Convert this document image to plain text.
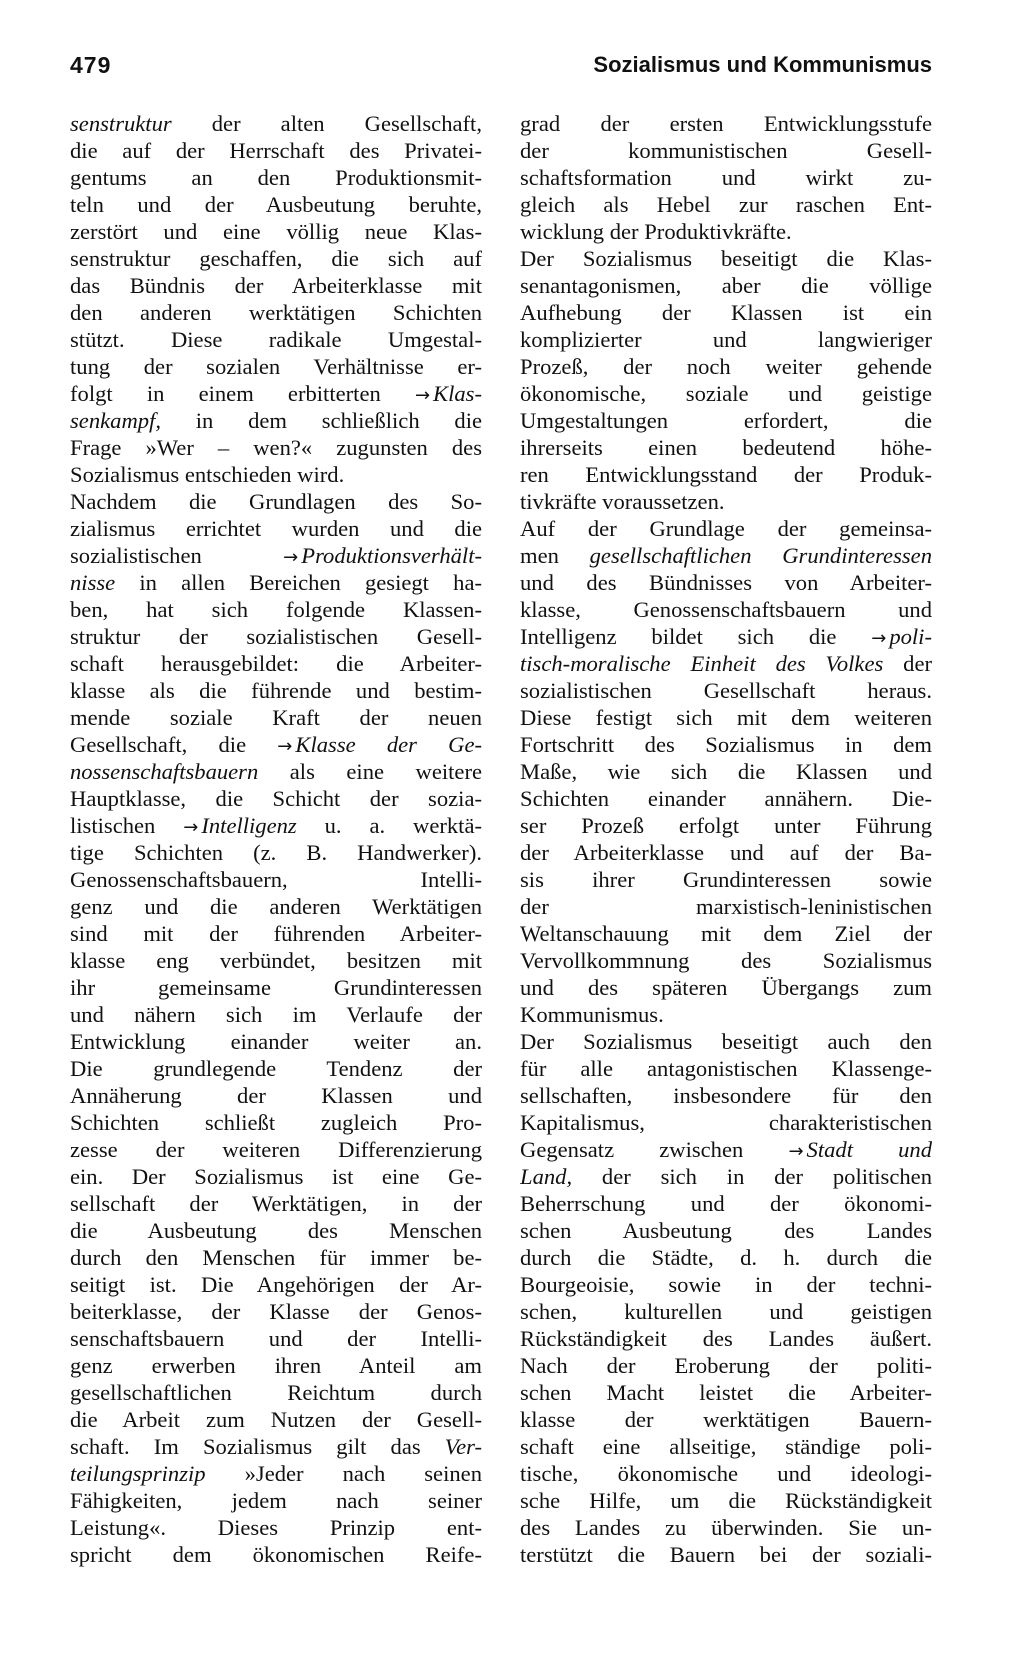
479	Sozialismus und Kommunismus
senstruktur der alten Gesellschaft,
die auf der Herrschaft des Privatei-
gentums an den Produktionsmit-
teln und der Ausbeutung beruhte,
zerstört und eine völlig neue Klas-
senstruktur geschaffen, die sich auf
das Bündnis der Arbeiterklasse mit
den anderen werktätigen Schichten
stützt. Diese radikale Umgestal-
tung der sozialen Verhältnisse er-
folgt in einem erbitterten → Klas-
senkampf, in dem schließlich die
Frage »Wer – wen?« zugunsten des
Sozialismus entschieden wird.
Nachdem die Grundlagen des So-
zialismus errichtet wurden und die
sozialistischen → Produktionsverhält-
nisse in allen Bereichen gesiegt ha-
ben, hat sich folgende Klassen-
struktur der sozialistischen Gesell-
schaft herausgebildet: die Arbeiter-
klasse als die führende und bestim-
mende soziale Kraft der neuen
Gesellschaft, die → Klasse der Ge-
nossenschaftsbauern als eine weitere
Hauptklasse, die Schicht der sozia-
listischen → Intelligenz u. a. werktä-
tige Schichten (z. B. Handwerker).
Genossenschaftsbauern, Intelli-
genz und die anderen Werktätigen
sind mit der führenden Arbeiter-
klasse eng verbündet, besitzen mit
ihr gemeinsame Grundinteressen
und nähern sich im Verlaufe der
Entwicklung einander weiter an.
Die grundlegende Tendenz der
Annäherung der Klassen und
Schichten schließt zugleich Pro-
zesse der weiteren Differenzierung
ein. Der Sozialismus ist eine Ge-
sellschaft der Werktätigen, in der
die Ausbeutung des Menschen
durch den Menschen für immer be-
seitigt ist. Die Angehörigen der Ar-
beiterklasse, der Klasse der Genos-
senschaftsbauern und der Intelli-
genz erwerben ihren Anteil am
gesellschaftlichen Reichtum durch
die Arbeit zum Nutzen der Gesell-
schaft. Im Sozialismus gilt das Ver-
teilungsprinzip »Jeder nach seinen
Fähigkeiten, jedem nach seiner
Leistung«. Dieses Prinzip ent-
spricht dem ökonomischen Reife-
grad der ersten Entwicklungsstufe
der kommunistischen Gesell-
schaftsformation und wirkt zu-
gleich als Hebel zur raschen Ent-
wicklung der Produktivkräfte.
Der Sozialismus beseitigt die Klas-
senantagonismen, aber die völlige
Aufhebung der Klassen ist ein
komplizierter und langwieriger
Prozeß, der noch weiter gehende
ökonomische, soziale und geistige
Umgestaltungen erfordert, die
ihrerseits einen bedeutend höhe-
ren Entwicklungsstand der Produk-
tivkräfte voraussetzen.
Auf der Grundlage der gemeinsa-
men gesellschaftlichen Grundinteressen
und des Bündnisses von Arbeiter-
klasse, Genossenschaftsbauern und
Intelligenz bildet sich die → poli-
tisch-moralische Einheit des Volkes der
sozialistischen Gesellschaft heraus.
Diese festigt sich mit dem weiteren
Fortschritt des Sozialismus in dem
Maße, wie sich die Klassen und
Schichten einander annähern. Die-
ser Prozeß erfolgt unter Führung
der Arbeiterklasse und auf der Ba-
sis ihrer Grundinteressen sowie
der marxistisch-leninistischen
Weltanschauung mit dem Ziel der
Vervollkommnung des Sozialismus
und des späteren Übergangs zum
Kommunismus.
Der Sozialismus beseitigt auch den
für alle antagonistischen Klassenge-
sellschaften, insbesondere für den
Kapitalismus, charakteristischen
Gegensatz zwischen → Stadt und
Land, der sich in der politischen
Beherrschung und der ökonomi-
schen Ausbeutung des Landes
durch die Städte, d. h. durch die
Bourgeoisie, sowie in der techni-
schen, kulturellen und geistigen
Rückständigkeit des Landes äußert.
Nach der Eroberung der politi-
schen Macht leistet die Arbeiter-
klasse der werktätigen Bauern-
schaft eine allseitige, ständige poli-
tische, ökonomische und ideologi-
sche Hilfe, um die Rückständigkeit
des Landes zu überwinden. Sie un-
terstützt die Bauern bei der soziali-
